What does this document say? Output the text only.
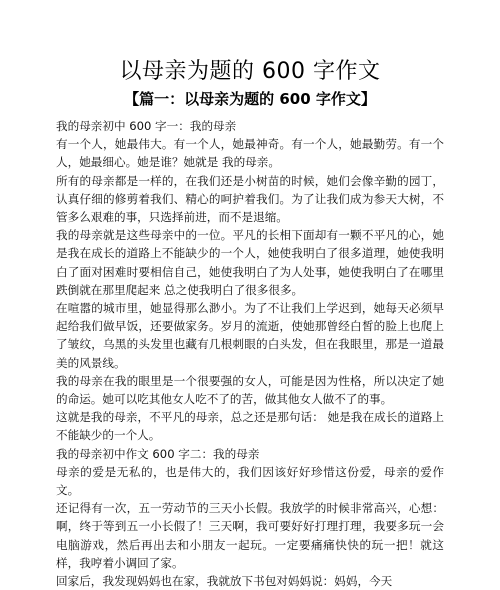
以母亲为题的 600 字作文
【篇一：以母亲为题的 600 字作文】

我的母亲初中 600 字一：我的母亲

有一个人，她最伟大。有一个人，她最神奇。有一个人，她最勤劳。有一个人，她最细心。她是谁？她就是 我的母亲。

所有的母亲都是一样的，在我们还是小树苗的时候，她们会像辛勤的园丁，认真仔细的修剪着我们、精心的呵护着我们。为了让我们成为参天大树，不管多么艰难的事，只选择前进，而不是退缩。

我的母亲就是这些母亲中的一位。平凡的长相下面却有一颗不平凡的心，她是我在成长的道路上不能缺少的一个人，她使我明白了很多道理，她使我明白了面对困难时要相信自己，她使我明白了为人处事，她使我明白了在哪里跌倒就在那里爬起来 总之使我明白了很多很多。

在喧嚣的城市里，她显得那么渺小。为了不让我们上学迟到，她每天必须早起给我们做早饭，还要做家务。岁月的流逝，使她那曾经白皙的脸上也爬上了皱纹，乌黑的头发里也藏有几根刺眼的白头发，但在我眼里，那是一道最美的风景线。

我的母亲在我的眼里是一个很要强的女人，可能是因为性格，所以决定了她的命运。她可以吃其他女人吃不了的苦，做其他女人做不了的事。

这就是我的母亲，不平凡的母亲，总之还是那句话： 她是我在成长的道路上不能缺少的一个人。

我的母亲初中作文 600 字二：我的母亲

母亲的爱是无私的，也是伟大的，我们因该好好珍惜这份爱，母亲的爱作文。

还记得有一次，五一劳动节的三天小长假。我放学的时候非常高兴，心想：啊，终于等到五一小长假了！三天啊，我可要好好打理打理，我要多玩一会电脑游戏，然后再出去和小朋友一起玩。一定要痛痛快快的玩一把！就这样，我哼着小调回了家。

回家后，我发现妈妈也在家，我就放下书包对妈妈说：妈妈，今天
